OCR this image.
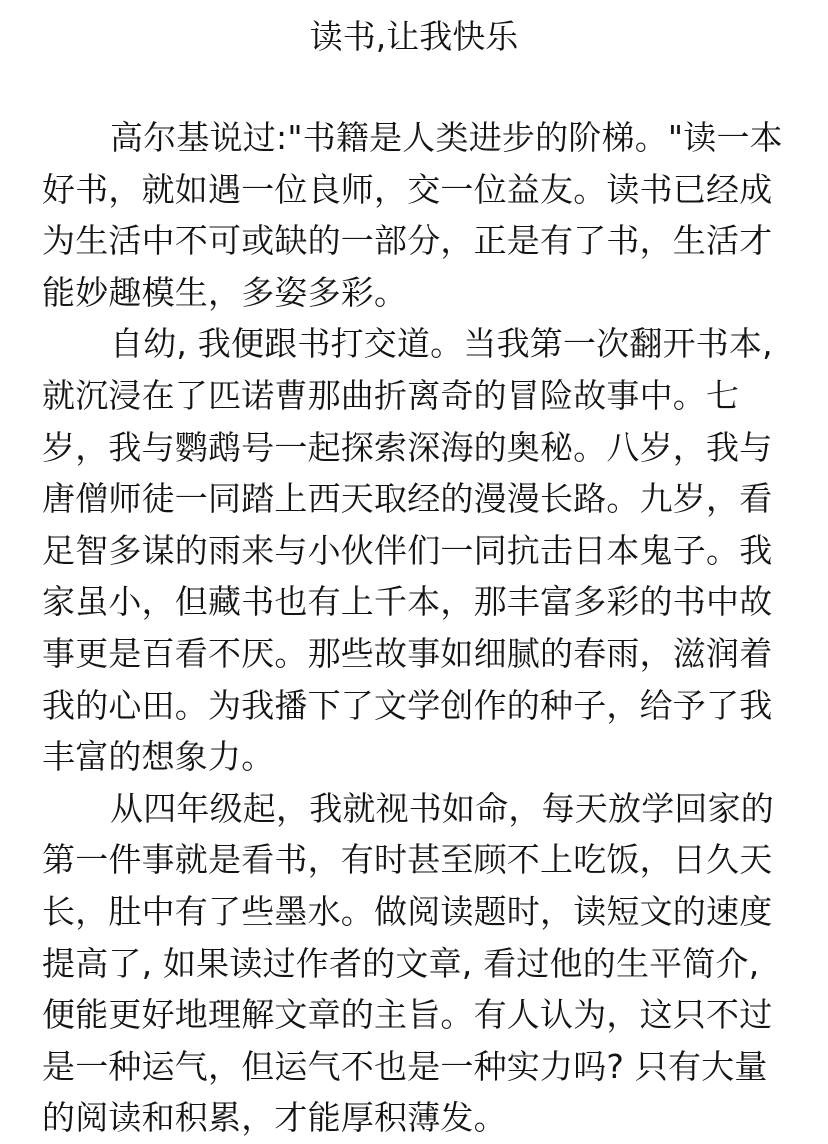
读书,让我快乐
高尔基说过:"书籍是人类进步的阶梯。"读一本
好书，就如遇一位良师，交一位益友。读书已经成
为生活中不可或缺的一部分，正是有了书，生活才
能妙趣模生，多姿多彩。
自幼, 我便跟书打交道。当我第一次翻开书本,
就沉浸在了匹诺曹那曲折离奇的冒险故事中。七
岁，我与鹦鹉号一起探索深海的奥秘。八岁，我与
唐僧师徒一同踏上西天取经的漫漫长路。九岁，看
足智多谋的雨来与小伙伴们一同抗击日本鬼子。我
家虽小，但藏书也有上千本，那丰富多彩的书中故
事更是百看不厌。那些故事如细腻的春雨，滋润着
我的心田。为我播下了文学创作的种子，给予了我
丰富的想象力。
从四年级起，我就视书如命，每天放学回家的
第一件事就是看书，有时甚至顾不上吃饭，日久天
长，肚中有了些墨水。做阅读题时，读短文的速度
提高了, 如果读过作者的文章, 看过他的生平简介,
便能更好地理解文章的主旨。有人认为，这只不过
是一种运气，但运气不也是一种实力吗? 只有大量
的阅读和积累，才能厚积薄发。
